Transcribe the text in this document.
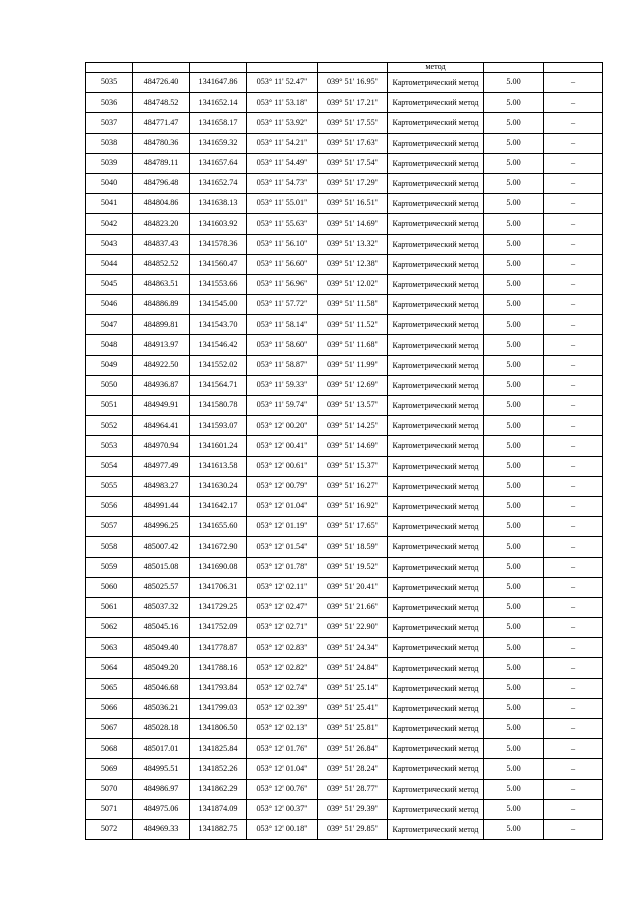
					метод		
5035	484726.40	1341647.86	053° 11' 52.47"	039° 51' 16.95"	Картометрический метод	5.00	–
5036	484748.52	1341652.14	053° 11' 53.18"	039° 51' 17.21"	Картометрический метод	5.00	–
5037	484771.47	1341658.17	053° 11' 53.92"	039° 51' 17.55"	Картометрический метод	5.00	–
5038	484780.36	1341659.32	053° 11' 54.21"	039° 51' 17.63"	Картометрический метод	5.00	–
5039	484789.11	1341657.64	053° 11' 54.49"	039° 51' 17.54"	Картометрический метод	5.00	–
5040	484796.48	1341652.74	053° 11' 54.73"	039° 51' 17.29"	Картометрический метод	5.00	–
5041	484804.86	1341638.13	053° 11' 55.01"	039° 51' 16.51"	Картометрический метод	5.00	–
5042	484823.20	1341603.92	053° 11' 55.63"	039° 51' 14.69"	Картометрический метод	5.00	–
5043	484837.43	1341578.36	053° 11' 56.10"	039° 51' 13.32"	Картометрический метод	5.00	–
5044	484852.52	1341560.47	053° 11' 56.60"	039° 51' 12.38"	Картометрический метод	5.00	–
5045	484863.51	1341553.66	053° 11' 56.96"	039° 51' 12.02"	Картометрический метод	5.00	–
5046	484886.89	1341545.00	053° 11' 57.72"	039° 51' 11.58"	Картометрический метод	5.00	–
5047	484899.81	1341543.70	053° 11' 58.14"	039° 51' 11.52"	Картометрический метод	5.00	–
5048	484913.97	1341546.42	053° 11' 58.60"	039° 51' 11.68"	Картометрический метод	5.00	–
5049	484922.50	1341552.02	053° 11' 58.87"	039° 51' 11.99"	Картометрический метод	5.00	–
5050	484936.87	1341564.71	053° 11' 59.33"	039° 51' 12.69"	Картометрический метод	5.00	–
5051	484949.91	1341580.78	053° 11' 59.74"	039° 51' 13.57"	Картометрический метод	5.00	–
5052	484964.41	1341593.07	053° 12' 00.20"	039° 51' 14.25"	Картометрический метод	5.00	–
5053	484970.94	1341601.24	053° 12' 00.41"	039° 51' 14.69"	Картометрический метод	5.00	–
5054	484977.49	1341613.58	053° 12' 00.61"	039° 51' 15.37"	Картометрический метод	5.00	–
5055	484983.27	1341630.24	053° 12' 00.79"	039° 51' 16.27"	Картометрический метод	5.00	–
5056	484991.44	1341642.17	053° 12' 01.04"	039° 51' 16.92"	Картометрический метод	5.00	–
5057	484996.25	1341655.60	053° 12' 01.19"	039° 51' 17.65"	Картометрический метод	5.00	–
5058	485007.42	1341672.90	053° 12' 01.54"	039° 51' 18.59"	Картометрический метод	5.00	–
5059	485015.08	1341690.08	053° 12' 01.78"	039° 51' 19.52"	Картометрический метод	5.00	–
5060	485025.57	1341706.31	053° 12' 02.11"	039° 51' 20.41"	Картометрический метод	5.00	–
5061	485037.32	1341729.25	053° 12' 02.47"	039° 51' 21.66"	Картометрический метод	5.00	–
5062	485045.16	1341752.09	053° 12' 02.71"	039° 51' 22.90"	Картометрический метод	5.00	–
5063	485049.40	1341778.87	053° 12' 02.83"	039° 51' 24.34"	Картометрический метод	5.00	–
5064	485049.20	1341788.16	053° 12' 02.82"	039° 51' 24.84"	Картометрический метод	5.00	–
5065	485046.68	1341793.84	053° 12' 02.74"	039° 51' 25.14"	Картометрический метод	5.00	–
5066	485036.21	1341799.03	053° 12' 02.39"	039° 51' 25.41"	Картометрический метод	5.00	–
5067	485028.18	1341806.50	053° 12' 02.13"	039° 51' 25.81"	Картометрический метод	5.00	–
5068	485017.01	1341825.84	053° 12' 01.76"	039° 51' 26.84"	Картометрический метод	5.00	–
5069	484995.51	1341852.26	053° 12' 01.04"	039° 51' 28.24"	Картометрический метод	5.00	–
5070	484986.97	1341862.29	053° 12' 00.76"	039° 51' 28.77"	Картометрический метод	5.00	–
5071	484975.06	1341874.09	053° 12' 00.37"	039° 51' 29.39"	Картометрический метод	5.00	–
5072	484969.33	1341882.75	053° 12' 00.18"	039° 51' 29.85"	Картометрический метод	5.00	–
